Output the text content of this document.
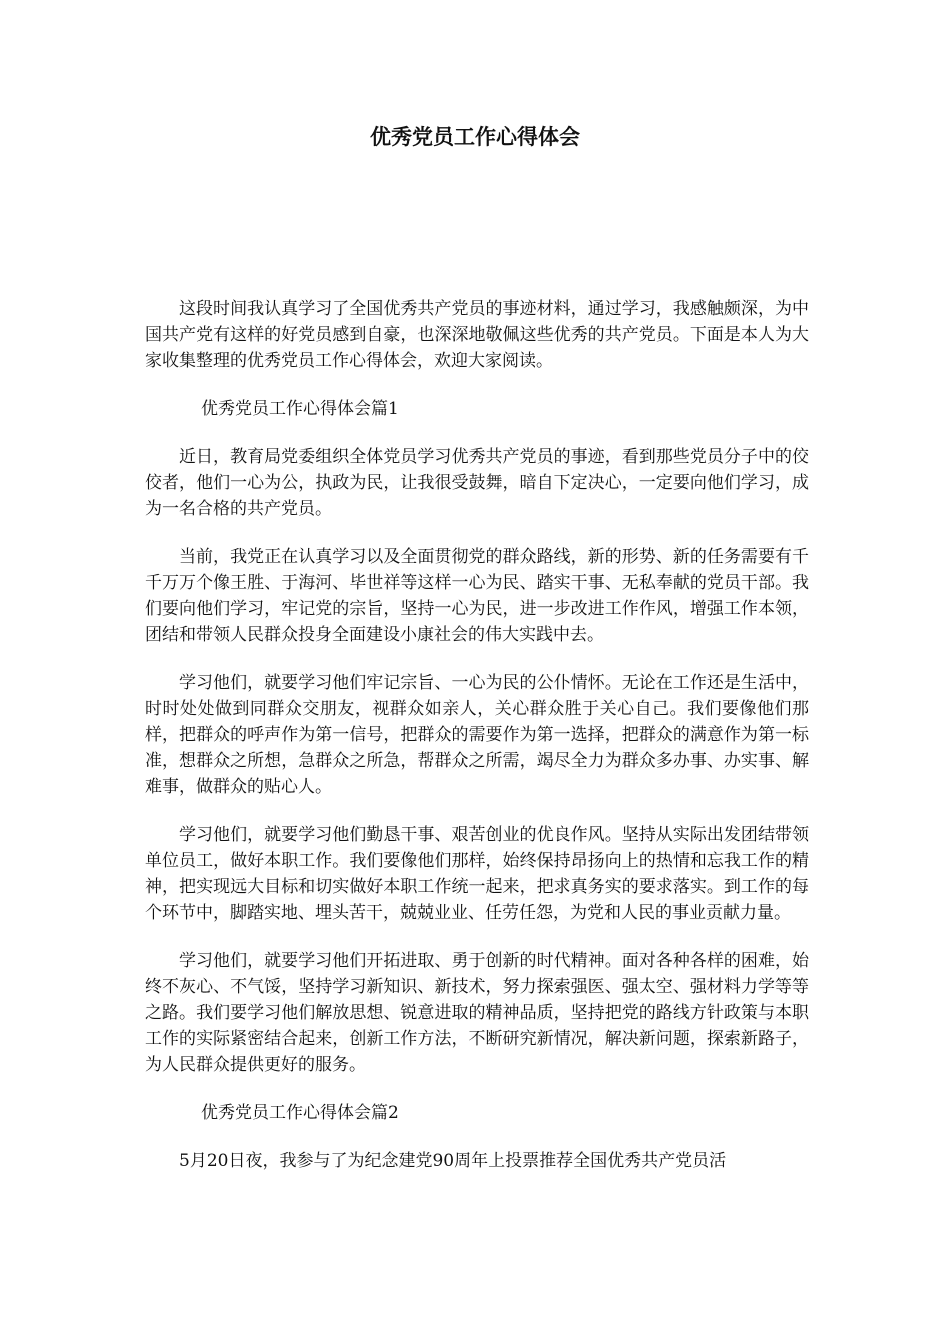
优秀党员工作心得体会

这段时间我认真学习了全国优秀共产党员的事迹材料，通过学习，我感触颇深，为中国共产党有这样的好党员感到自豪，也深深地敬佩这些优秀的共产党员。下面是本人为大家收集整理的优秀党员工作心得体会，欢迎大家阅读。

优秀党员工作心得体会篇1

近日，教育局党委组织全体党员学习优秀共产党员的事迹，看到那些党员分子中的佼佼者，他们一心为公，执政为民，让我很受鼓舞，暗自下定决心，一定要向他们学习，成为一名合格的共产党员。

当前，我党正在认真学习以及全面贯彻党的群众路线，新的形势、新的任务需要有千千万万个像王胜、于海河、毕世祥等这样一心为民、踏实干事、无私奉献的党员干部。我们要向他们学习，牢记党的宗旨，坚持一心为民，进一步改进工作作风，增强工作本领，团结和带领人民群众投身全面建设小康社会的伟大实践中去。

学习他们，就要学习他们牢记宗旨、一心为民的公仆情怀。无论在工作还是生活中，时时处处做到同群众交朋友，视群众如亲人，关心群众胜于关心自己。我们要像他们那样，把群众的呼声作为第一信号，把群众的需要作为第一选择，把群众的满意作为第一标准，想群众之所想，急群众之所急，帮群众之所需，竭尽全力为群众多办事、办实事、解难事，做群众的贴心人。

学习他们，就要学习他们勤恳干事、艰苦创业的优良作风。坚持从实际出发团结带领单位员工，做好本职工作。我们要像他们那样，始终保持昂扬向上的热情和忘我工作的精神，把实现远大目标和切实做好本职工作统一起来，把求真务实的要求落实。到工作的每个环节中，脚踏实地、埋头苦干，兢兢业业、任劳任怨，为党和人民的事业贡献力量。

学习他们，就要学习他们开拓进取、勇于创新的时代精神。面对各种各样的困难，始终不灰心、不气馁，坚持学习新知识、新技术，努力探索强医、强太空、强材料力学等等之路。我们要学习他们解放思想、锐意进取的精神品质，坚持把党的路线方针政策与本职工作的实际紧密结合起来，创新工作方法，不断研究新情况，解决新问题，探索新路子，为人民群众提供更好的服务。

优秀党员工作心得体会篇2

5月20日夜，我参与了为纪念建党90周年上投票推荐全国优秀共产党员活
